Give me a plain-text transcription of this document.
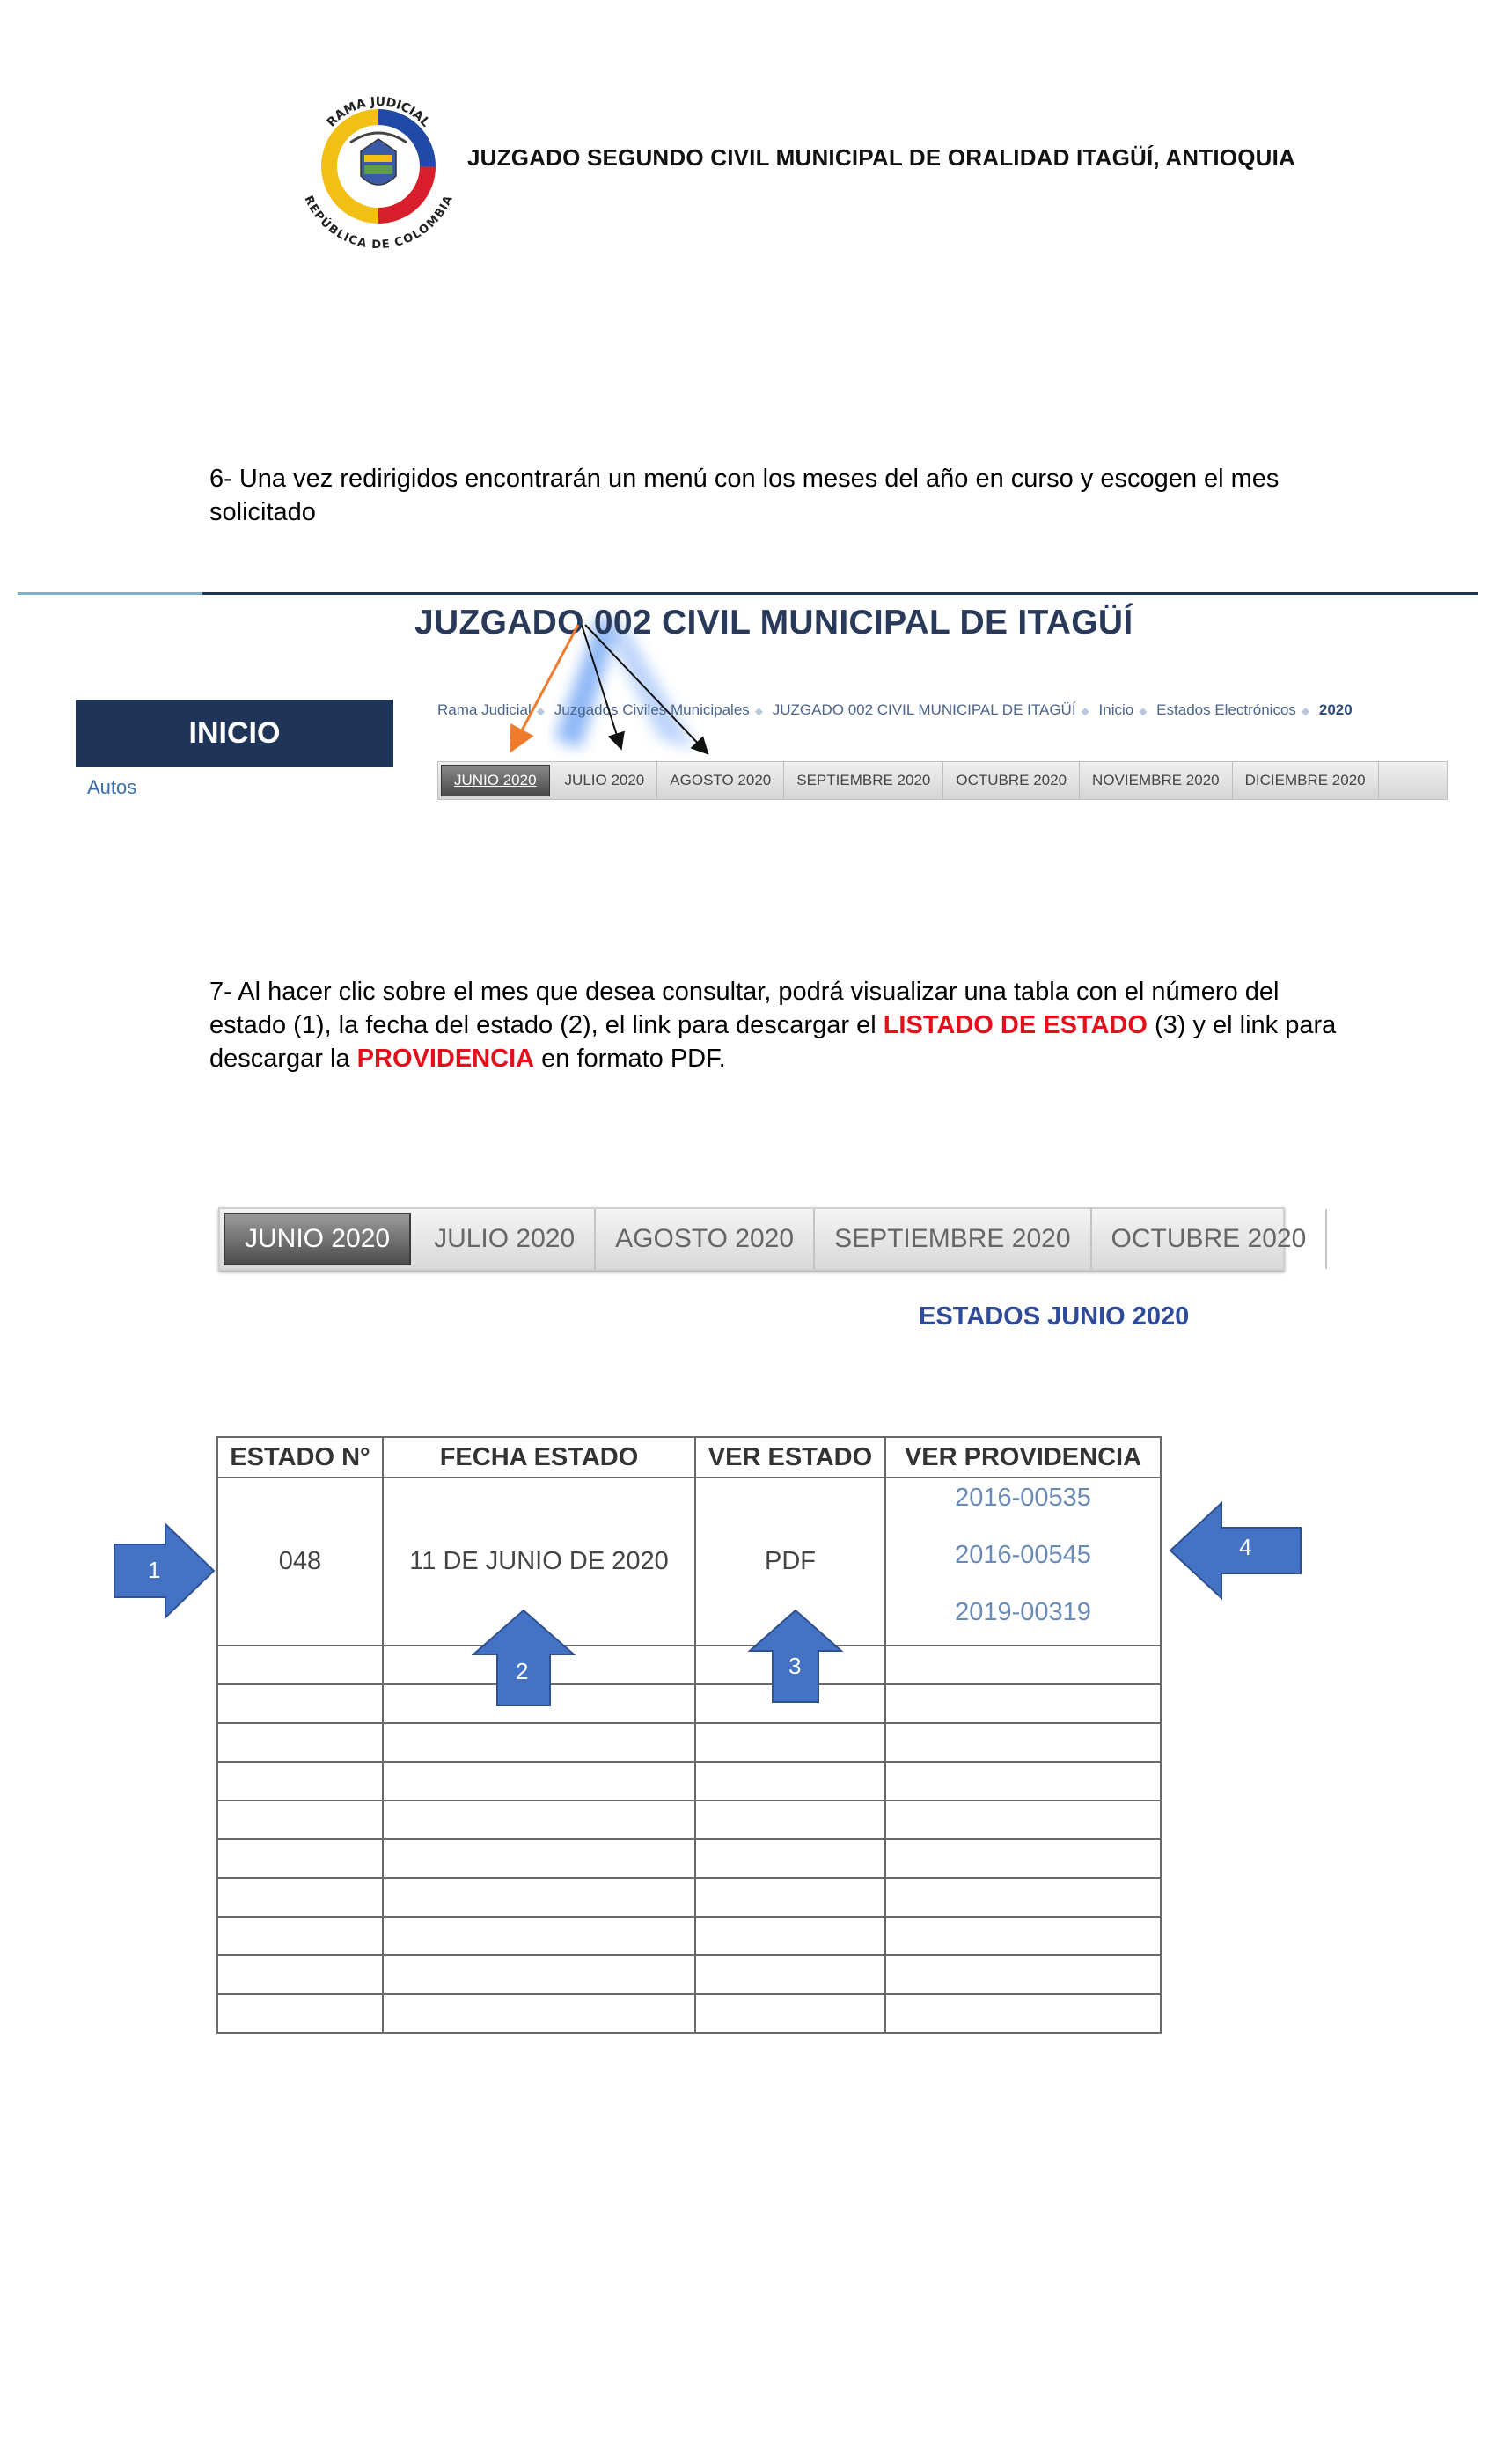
RAMA JUDICIAL
REPÚBLICA DE COLOMBIA
JUZGADO SEGUNDO CIVIL MUNICIPAL DE ORALIDAD ITAGÜÍ, ANTIOQUIA
6- Una vez redirigidos encontrarán un menú con los meses del año en curso y escogen el mes solicitado
JUZGADO 002 CIVIL MUNICIPAL DE ITAGÜÍ
INICIO
Autos
Rama Judicial ◆ Juzgados Civiles Municipales ◆ JUZGADO 002 CIVIL MUNICIPAL DE ITAGÜÍ ◆ Inicio ◆ Estados Electrónicos ◆ 2020
JUNIO 2020	JULIO 2020	AGOSTO 2020	SEPTIEMBRE 2020	OCTUBRE 2020	NOVIEMBRE 2020	DICIEMBRE 2020
7- Al hacer clic sobre el mes que desea consultar, podrá visualizar una tabla con el número del estado (1), la fecha del estado (2), el link para descargar el LISTADO DE ESTADO (3) y el link para descargar la PROVIDENCIA en formato PDF.
JUNIO 2020	JULIO 2020	AGOSTO 2020	SEPTIEMBRE 2020	OCTUBRE 2020
ESTADOS JUNIO 2020
ESTADO N°	FECHA ESTADO	VER ESTADO	VER PROVIDENCIA
048	11 DE JUNIO DE 2020	PDF	2016-00535
2016-00545
2019-00319

1
2	3
4
